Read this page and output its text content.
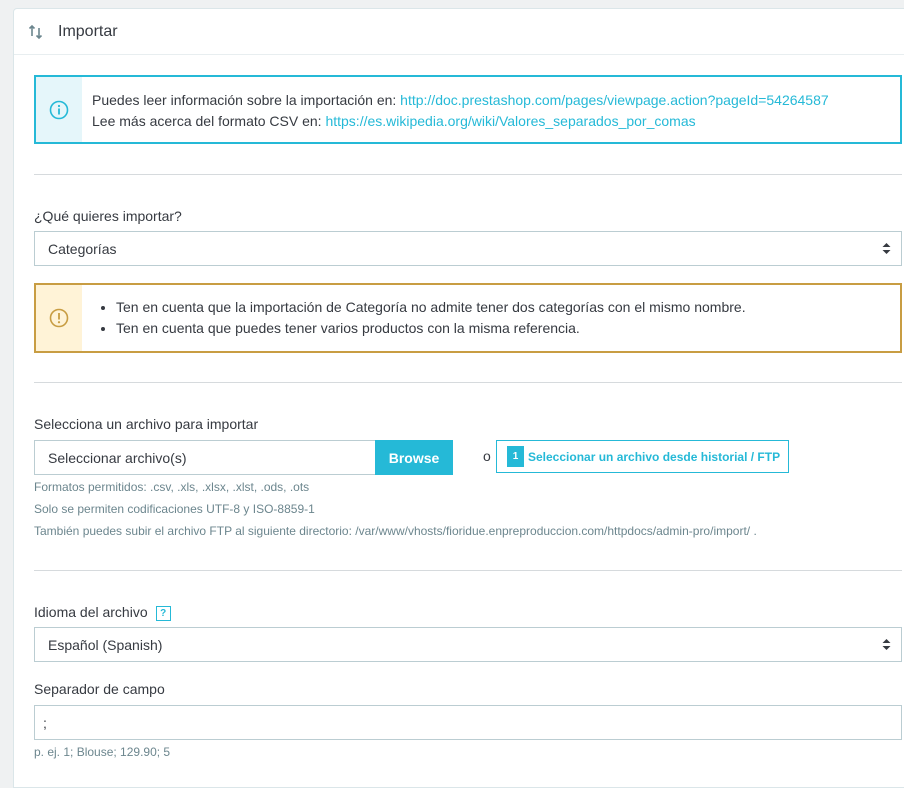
Importar
Puedes leer información sobre la importación en: http://doc.prestashop.com/pages/viewpage.action?pageId=54264587
Lee más acerca del formato CSV en: https://es.wikipedia.org/wiki/Valores_separados_por_comas
¿Qué quieres importar?
Categorías
• Ten en cuenta que la importación de Categoría no admite tener dos categorías con el mismo nombre.
• Ten en cuenta que puedes tener varios productos con la misma referencia.
Selecciona un archivo para importar
Seleccionar archivo(s)	Browse	o	1 Seleccionar un archivo desde historial / FTP
Formatos permitidos: .csv, .xls, .xlsx, .xlst, .ods, .ots
Solo se permiten codificaciones UTF-8 y ISO-8859-1
También puedes subir el archivo FTP al siguiente directorio: /var/www/vhosts/fioridue.enpreproduccion.com/httpdocs/admin-pro/import/ .
Idioma del archivo ?
Español (Spanish)
Separador de campo
;
p. ej. 1; Blouse; 129.90; 5
